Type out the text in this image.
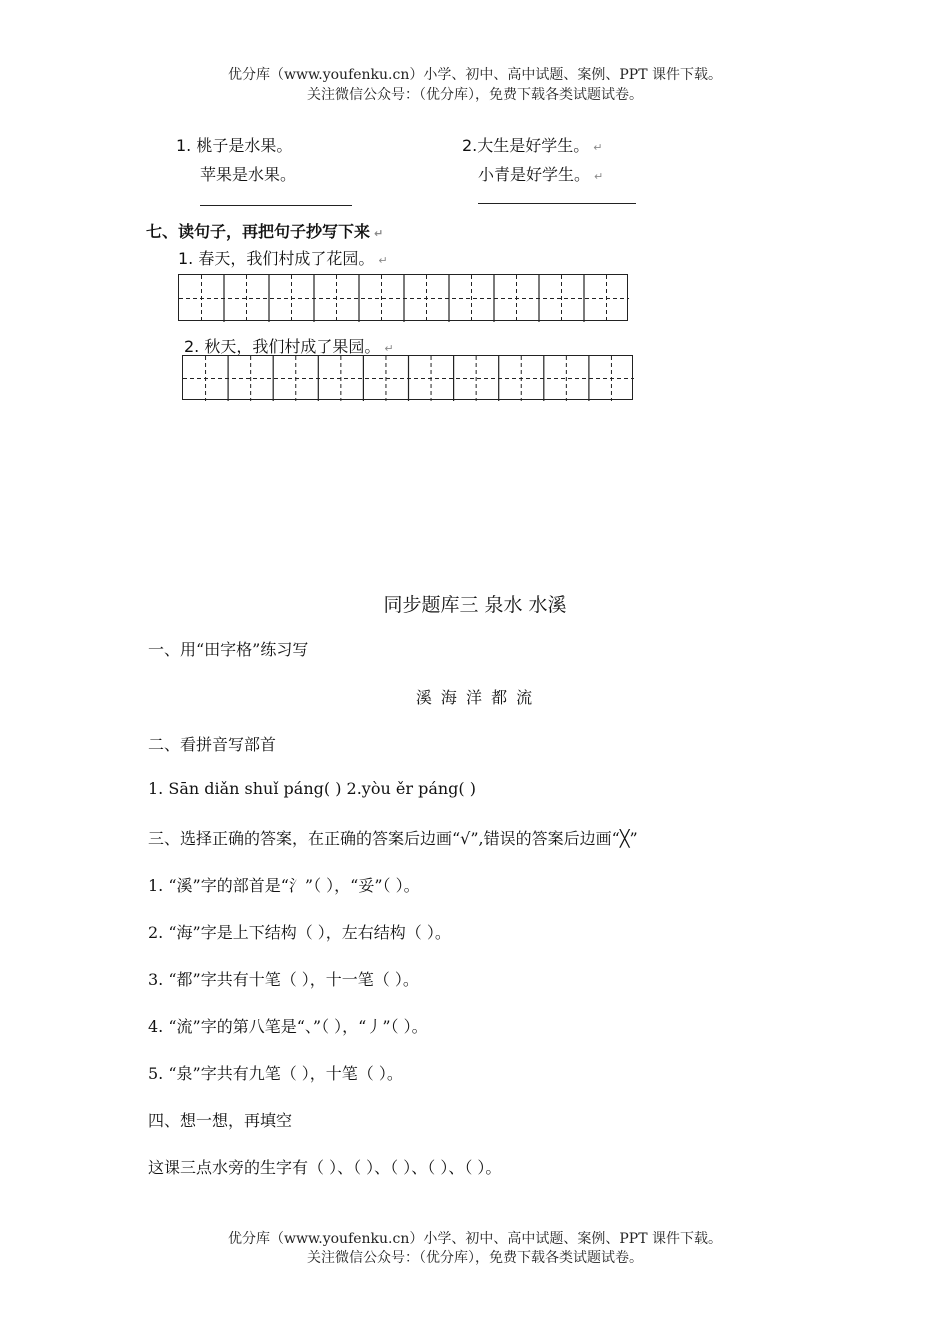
优分库（www.youfenku.cn）小学、初中、高中试题、案例、PPT 课件下载。
关注微信公众号：（优分库），免费下载各类试题试卷。
1. 桃子是水果。
苹果是水果。
2.大生是好学生。 ↵
小青是好学生。 ↵
七、读句子，再把句子抄写下来 ↵
1. 春天，我们村成了花园。 ↵
2. 秋天，我们村成了果园。 ↵
同步题库三 泉水 水溪
一、用“田字格”练习写
溪 海 洋 都 流
二、看拼音写部首
1. Sān diǎn shuǐ páng( ) 2.yòu ěr páng( )
三、选择正确的答案，在正确的答案后边画“√”,错误的答案后边画“╳”
1. “溪”字的部首是“氵”（ ），“妥”（ ）。
2. “海”字是上下结构（ ），左右结构（ ）。
3. “都”字共有十笔（ ），十一笔（ ）。
4. “流”字的第八笔是“、”（ ），“丿”（ ）。
5. “泉”字共有九笔（ ），十笔（ ）。
四、想一想，再填空
这课三点水旁的生字有（ ）、（ ）、（ ）、（ ）、（ ）。
优分库（www.youfenku.cn）小学、初中、高中试题、案例、PPT 课件下载。
关注微信公众号：（优分库），免费下载各类试题试卷。
